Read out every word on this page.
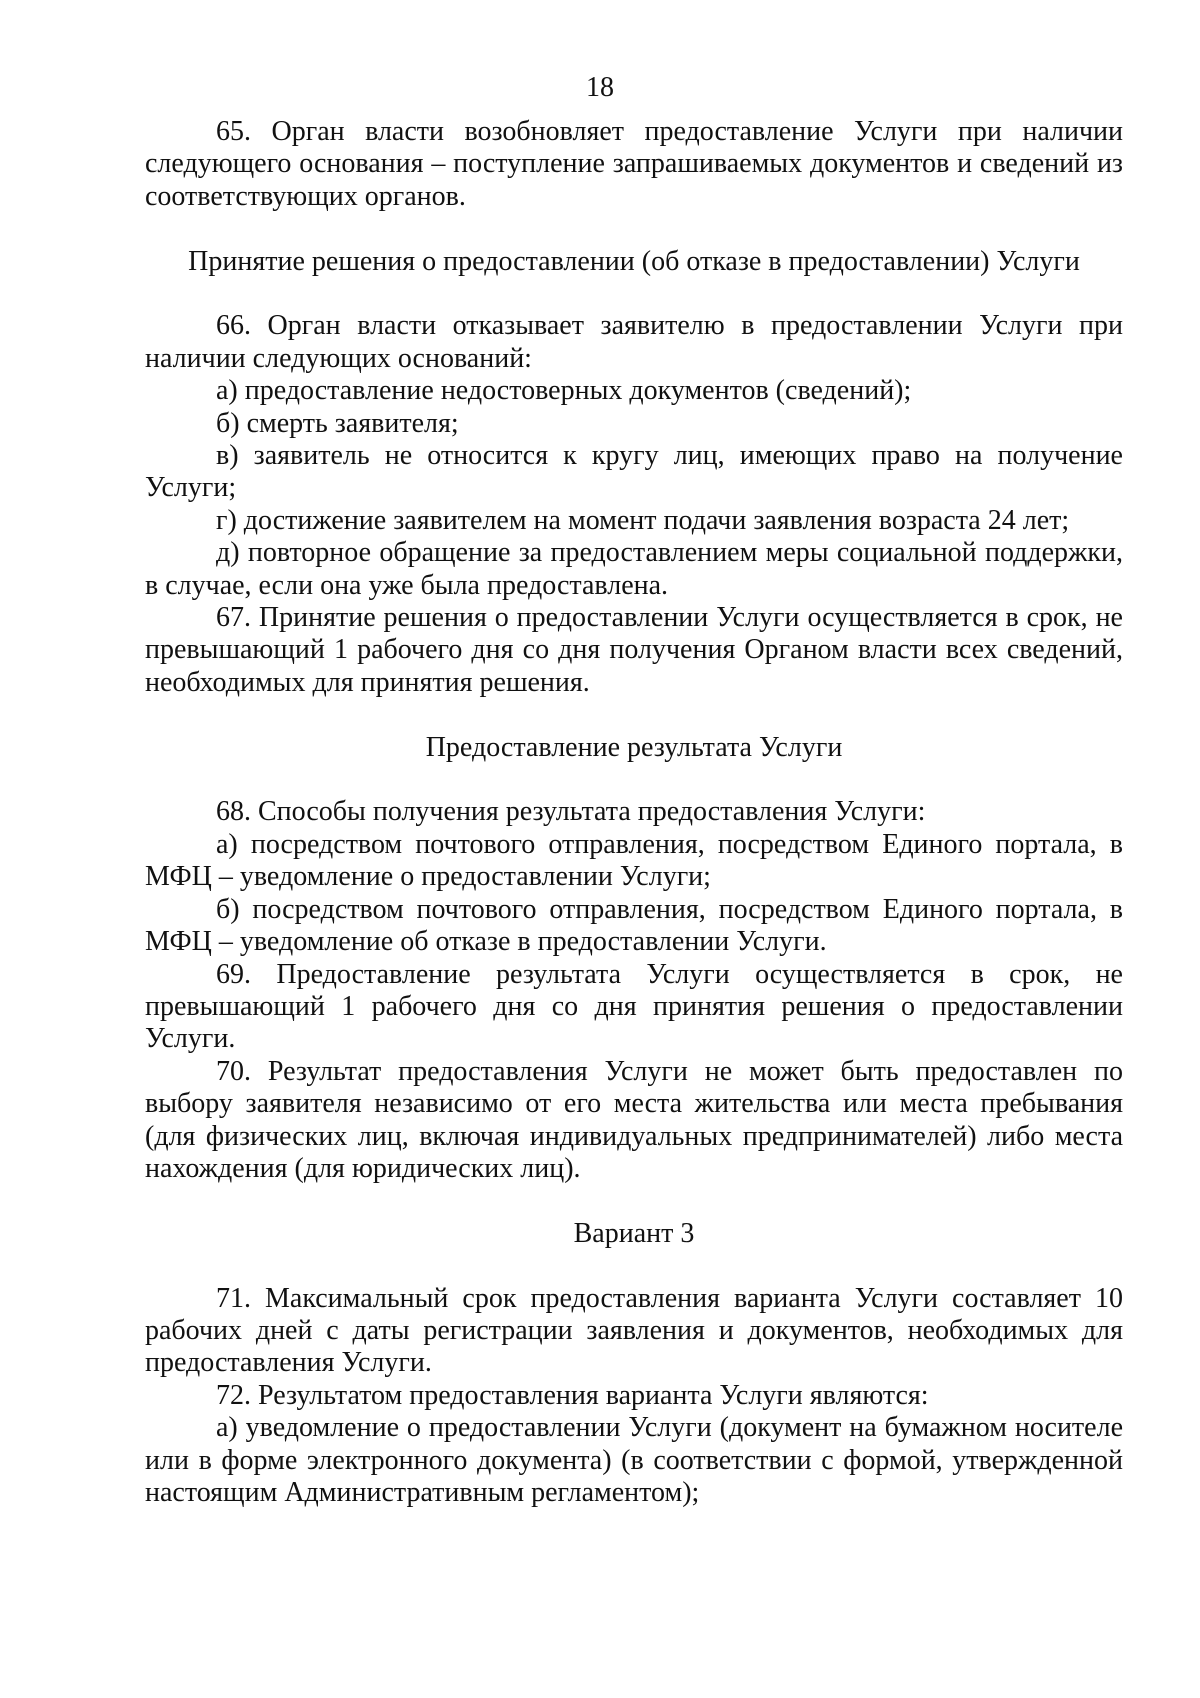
18

65. Орган власти возобновляет предоставление Услуги при наличии следующего основания – поступление запрашиваемых документов и сведений из соответствующих органов.

Принятие решения о предоставлении (об отказе в предоставлении) Услуги

66. Орган власти отказывает заявителю в предоставлении Услуги при наличии следующих оснований:

а) предоставление недостоверных документов (сведений);

б) смерть заявителя;

в) заявитель не относится к кругу лиц, имеющих право на получение Услуги;

г) достижение заявителем на момент подачи заявления возраста 24 лет;

д) повторное обращение за предоставлением меры социальной поддержки, в случае, если она уже была предоставлена.

67. Принятие решения о предоставлении Услуги осуществляется в срок, не превышающий 1 рабочего дня со дня получения Органом власти всех сведений, необходимых для принятия решения.

Предоставление результата Услуги

68. Способы получения результата предоставления Услуги:

а) посредством почтового отправления, посредством Единого портала, в МФЦ – уведомление о предоставлении Услуги;

б) посредством почтового отправления, посредством Единого портала, в МФЦ – уведомление об отказе в предоставлении Услуги.

69. Предоставление результата Услуги осуществляется в срок, не превышающий 1 рабочего дня со дня принятия решения о предоставлении Услуги.

70. Результат предоставления Услуги не может быть предоставлен по выбору заявителя независимо от его места жительства или места пребывания (для физических лиц, включая индивидуальных предпринимателей) либо места нахождения (для юридических лиц).

Вариант 3

71. Максимальный срок предоставления варианта Услуги составляет 10 рабочих дней с даты регистрации заявления и документов, необходимых для предоставления Услуги.

72. Результатом предоставления варианта Услуги являются:

а) уведомление о предоставлении Услуги (документ на бумажном носителе или в форме электронного документа) (в соответствии с формой, утвержденной настоящим Административным регламентом);
